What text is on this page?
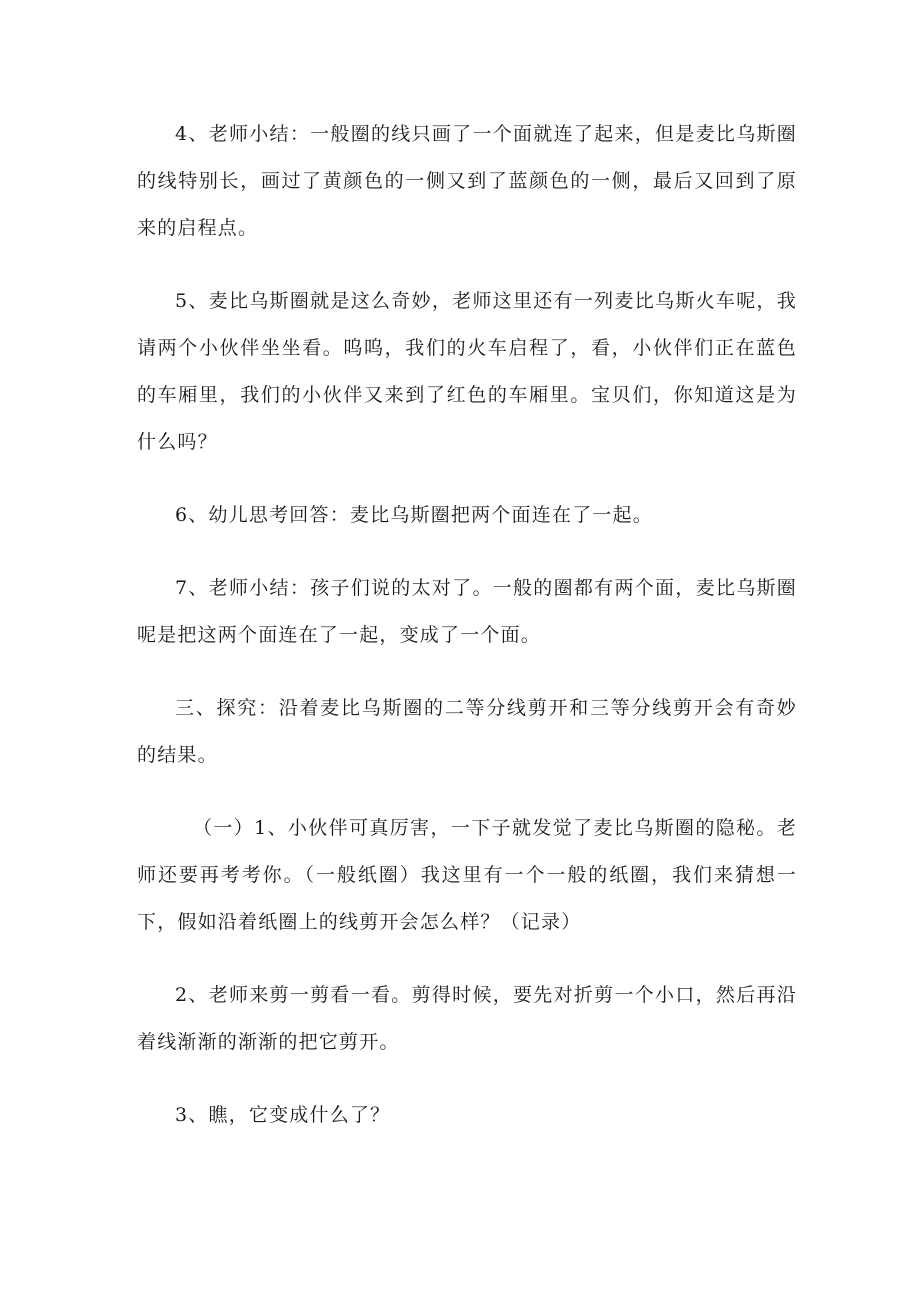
4、老师小结：一般圈的线只画了一个面就连了起来，但是麦比乌斯圈的线特别长，画过了黄颜色的一侧又到了蓝颜色的一侧，最后又回到了原来的启程点。

5、麦比乌斯圈就是这么奇妙，老师这里还有一列麦比乌斯火车呢，我请两个小伙伴坐坐看。呜呜，我们的火车启程了，看，小伙伴们正在蓝色的车厢里，我们的小伙伴又来到了红色的车厢里。宝贝们，你知道这是为什么吗？

6、幼儿思考回答：麦比乌斯圈把两个面连在了一起。

7、老师小结：孩子们说的太对了。一般的圈都有两个面，麦比乌斯圈呢是把这两个面连在了一起，变成了一个面。

三、探究：沿着麦比乌斯圈的二等分线剪开和三等分线剪开会有奇妙的结果。

（一）1、小伙伴可真厉害，一下子就发觉了麦比乌斯圈的隐秘。老师还要再考考你。（一般纸圈）我这里有一个一般的纸圈，我们来猜想一下，假如沿着纸圈上的线剪开会怎么样？（记录）

2、老师来剪一剪看一看。剪得时候，要先对折剪一个小口，然后再沿着线渐渐的渐渐的把它剪开。

3、瞧，它变成什么了？
